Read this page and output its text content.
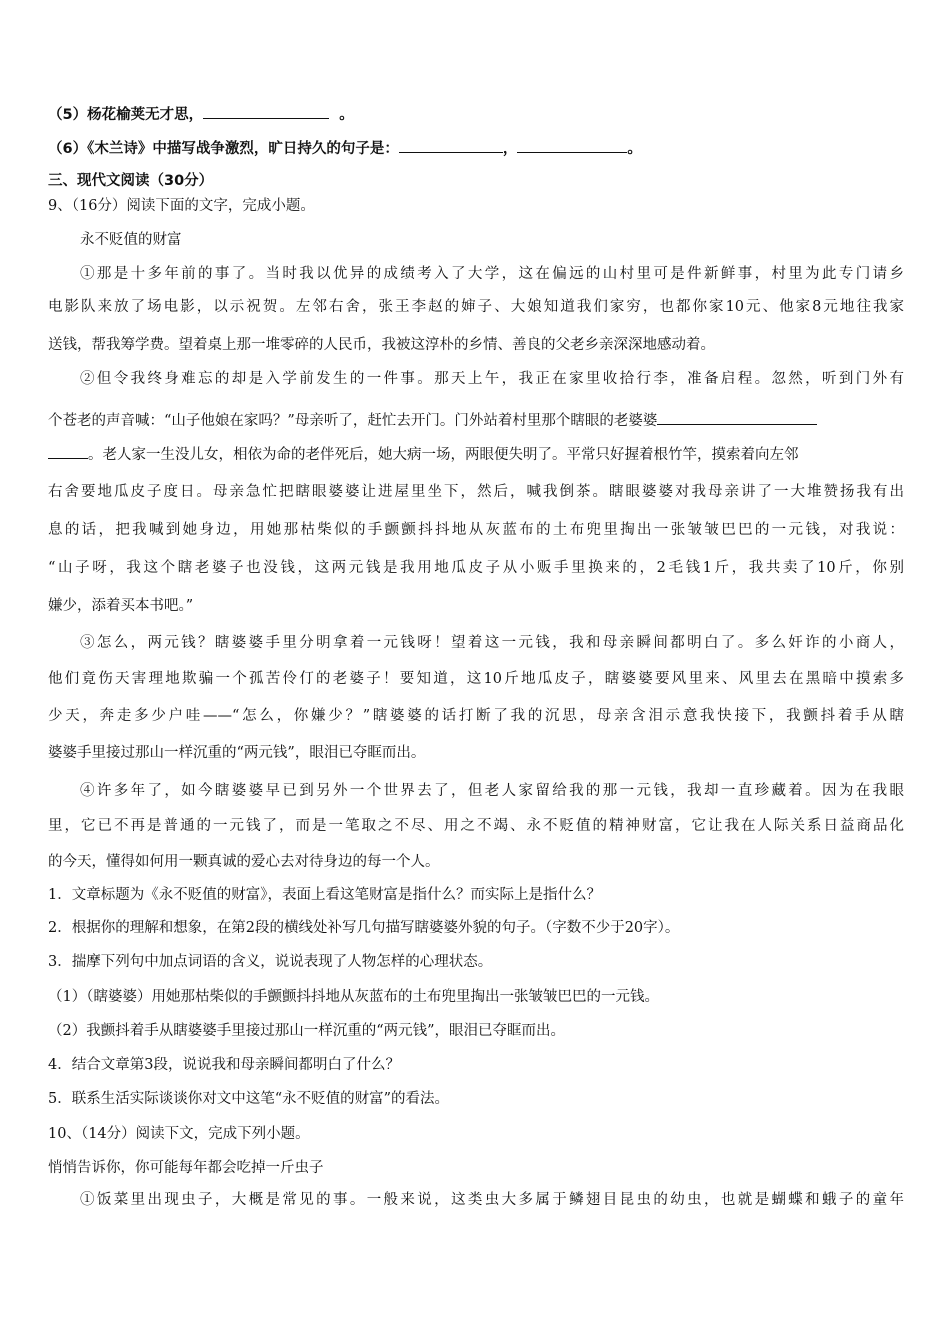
（5）杨花榆荚无才思，	。
（6）《木兰诗》中描写战争激烈，旷日持久的句子是：	，	。
三、现代文阅读（30分）
9、（16分）阅读下面的文字，完成小题。
永不贬值的财富
①那是十多年前的事了。当时我以优异的成绩考入了大学，这在偏远的山村里可是件新鲜事，村里为此专门请乡
电影队来放了场电影，以示祝贺。左邻右舍，张王李赵的婶子、大娘知道我们家穷，也都你家10元、他家8元地往我家
送钱，帮我筹学费。望着桌上那一堆零碎的人民币，我被这淳朴的乡情、善良的父老乡亲深深地感动着。
②但令我终身难忘的却是入学前发生的一件事。那天上午，我正在家里收拾行李，准备启程。忽然，听到门外有
个苍老的声音喊：“山子他娘在家吗？”母亲听了，赶忙去开门。门外站着村里那个瞎眼的老婆婆
。老人家一生没儿女，相依为命的老伴死后，她大病一场，两眼便失明了。平常只好握着根竹竿，摸索着向左邻
右舍要地瓜皮子度日。母亲急忙把瞎眼婆婆让进屋里坐下，然后，喊我倒茶。瞎眼婆婆对我母亲讲了一大堆赞扬我有出
息的话，把我喊到她身边，用她那枯柴似的手颤颤抖抖地从灰蓝布的土布兜里掏出一张皱皱巴巴的一元钱，对我说：
“山子呀，我这个瞎老婆子也没钱，这两元钱是我用地瓜皮子从小贩手里换来的，2毛钱1斤，我共卖了10斤，你别
嫌少，添着买本书吧。”
③怎么，两元钱？瞎婆婆手里分明拿着一元钱呀！望着这一元钱，我和母亲瞬间都明白了。多么奸诈的小商人，
他们竟伤天害理地欺骗一个孤苦伶仃的老婆子！要知道，这10斤地瓜皮子，瞎婆婆要风里来、风里去在黑暗中摸索多
少天，奔走多少户哇——“怎么，你嫌少？”瞎婆婆的话打断了我的沉思，母亲含泪示意我快接下，我颤抖着手从瞎
婆婆手里接过那山一样沉重的“两元钱”，眼泪已夺眶而出。
④许多年了，如今瞎婆婆早已到另外一个世界去了，但老人家留给我的那一元钱，我却一直珍藏着。因为在我眼
里，它已不再是普通的一元钱了，而是一笔取之不尽、用之不竭、永不贬值的精神财富，它让我在人际关系日益商品化
的今天，懂得如何用一颗真诚的爱心去对待身边的每一个人。
1．文章标题为《永不贬值的财富》，表面上看这笔财富是指什么？而实际上是指什么？
2．根据你的理解和想象，在第2段的横线处补写几句描写瞎婆婆外貌的句子。（字数不少于20字）。
3．揣摩下列句中加点词语的含义，说说表现了人物怎样的心理状态。
（1）（瞎婆婆）用她那枯柴似的手颤颤抖抖地从灰蓝布的土布兜里掏出一张皱皱巴巴的一元钱。
（2）我颤抖着手从瞎婆婆手里接过那山一样沉重的“两元钱”，眼泪已夺眶而出。
4．结合文章第3段，说说我和母亲瞬间都明白了什么？
5．联系生活实际谈谈你对文中这笔“永不贬值的财富”的看法。
10、（14分）阅读下文，完成下列小题。
悄悄告诉你，你可能每年都会吃掉一斤虫子
①饭菜里出现虫子，大概是常见的事。一般来说，这类虫大多属于鳞翅目昆虫的幼虫，也就是蝴蝶和蛾子的童年
